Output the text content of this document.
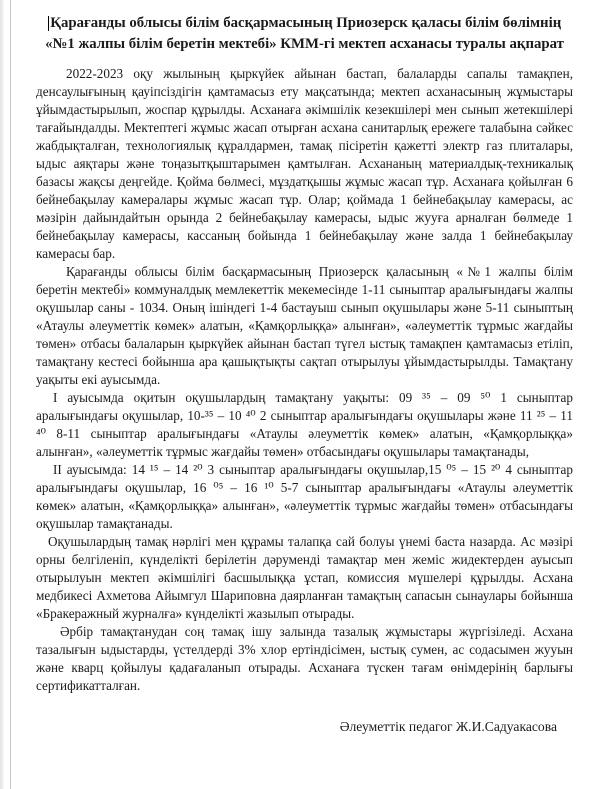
Қарағанды облысы білім басқармасының Приозерск қаласы білім бөлімнің
«№1 жалпы білім беретін мектебі» КММ-гі мектеп асханасы туралы ақпарат

2022-2023 оқу жылының қыркүйек айынан бастап, балаларды сапалы тамақпен, денсаулығының қауіпсіздігін қамтамасыз ету мақсатында; мектеп асханасының жұмыстары ұйымдастырылып, жоспар құрылды. Асханаға әкімшілік кезекшілері мен сынып жетекшілері тағайындалды. Мектептегі жұмыс жасап отырған асхана санитарлық ережеге талабына сәйкес жабдықталған, технологиялық құралдармен, тамақ пісіретін қажетті электр газ плиталары, ыдыс аяқтары және тоңазытқыштарымен қамтылған. Асхананың материалдық-техникалық базасы жақсы деңгейде. Қойма бөлмесі, мұздатқышы жұмыс жасап тұр. Асханаға қойылған 6 бейнебақылау камералары жұмыс жасап тұр. Олар; қоймада 1 бейнебақылау камерасы, ас мәзірін дайындайтын орында 2 бейнебақылау камерасы, ыдыс жууға арналған бөлмеде 1 бейнебақылау камерасы, кассаның бойында 1 бейнебақылау және залда 1 бейнебақылау камерасы бар.

Қарағанды облысы білім басқармасының Приозерск қаласының «№1 жалпы білім беретін мектебі» коммуналдық мемлекеттік мекемесінде 1-11 сыныптар аралығындағы жалпы оқушылар саны - 1034. Оның ішіндегі 1-4 бастауыш сынып оқушылары және 5-11 сыныптың «Атаулы әлеуметтік көмек» алатын, «Қамқорлыққа» алынған», «әлеуметтік тұрмыс жағдайы төмен» отбасы балаларын қыркүйек айынан бастап түгел ыстық тамақпен қамтамасыз етіліп, тамақтану кестесі бойынша ара қашықтықты сақтап отырылуы ұйымдастырылды. Тамақтану уақыты екі ауысымда.

І ауысымда оқитын оқушылардың тамақтану уақыты: 09 ³⁵ – 09 ⁵⁰ 1 сыныптар аралығындағы оқушылар, 10-³⁵ – 10 ⁴⁰ 2 сыныптар аралығындағы оқушылары және 11 ²⁵ – 11 ⁴⁰ 8-11 сыныптар аралығындағы «Атаулы әлеуметтік көмек» алатын, «Қамқорлыққа» алынған», «әлеуметтік тұрмыс жағдайы төмен» отбасындағы оқушылары тамақтанады,

ІІ ауысымда: 14 ¹⁵ – 14 ²⁰ 3 сыныптар аралығындағы оқушылар,15 ⁰⁵ – 15 ²⁰ 4 сыныптар аралығындағы оқушылар, 16 ⁰⁵ – 16 ¹⁰ 5-7 сыныптар аралығындағы «Атаулы әлеуметтік көмек» алатын, «Қамқорлыққа» алынған», «әлеуметтік тұрмыс жағдайы төмен» отбасындағы оқушылар тамақтанады.

Оқушылардың тамақ нәрлігі мен құрамы талапқа сай болуы үнемі баста назарда. Ас мәзірі орны белгіленіп, күнделікті берілетін дәруменді тамақтар мен жеміс жидектерден ауысып отырылуын мектеп әкімшілігі басшылыққа ұстап, комиссия мүшелері құрылды. Асхана медбикесі Ахметова Айымгул Шариповна даярланған тамақтың сапасын сынаулары бойынша «Бракеражный журналға» күнделікті жазылып отырады.

Әрбір тамақтанудан соң тамақ ішу залында тазалық жұмыстары жүргізіледі. Асхана тазалығын ыдыстарды, үстелдерді 3% хлор ертіндісімен, ыстық сумен, ас содасымен жууын және кварц қойылуы қадағаланып отырады. Асханаға түскен тағам өнімдерінің барлығы сертификатталған.

Әлеуметтік педагог Ж.И.Садуакасова
